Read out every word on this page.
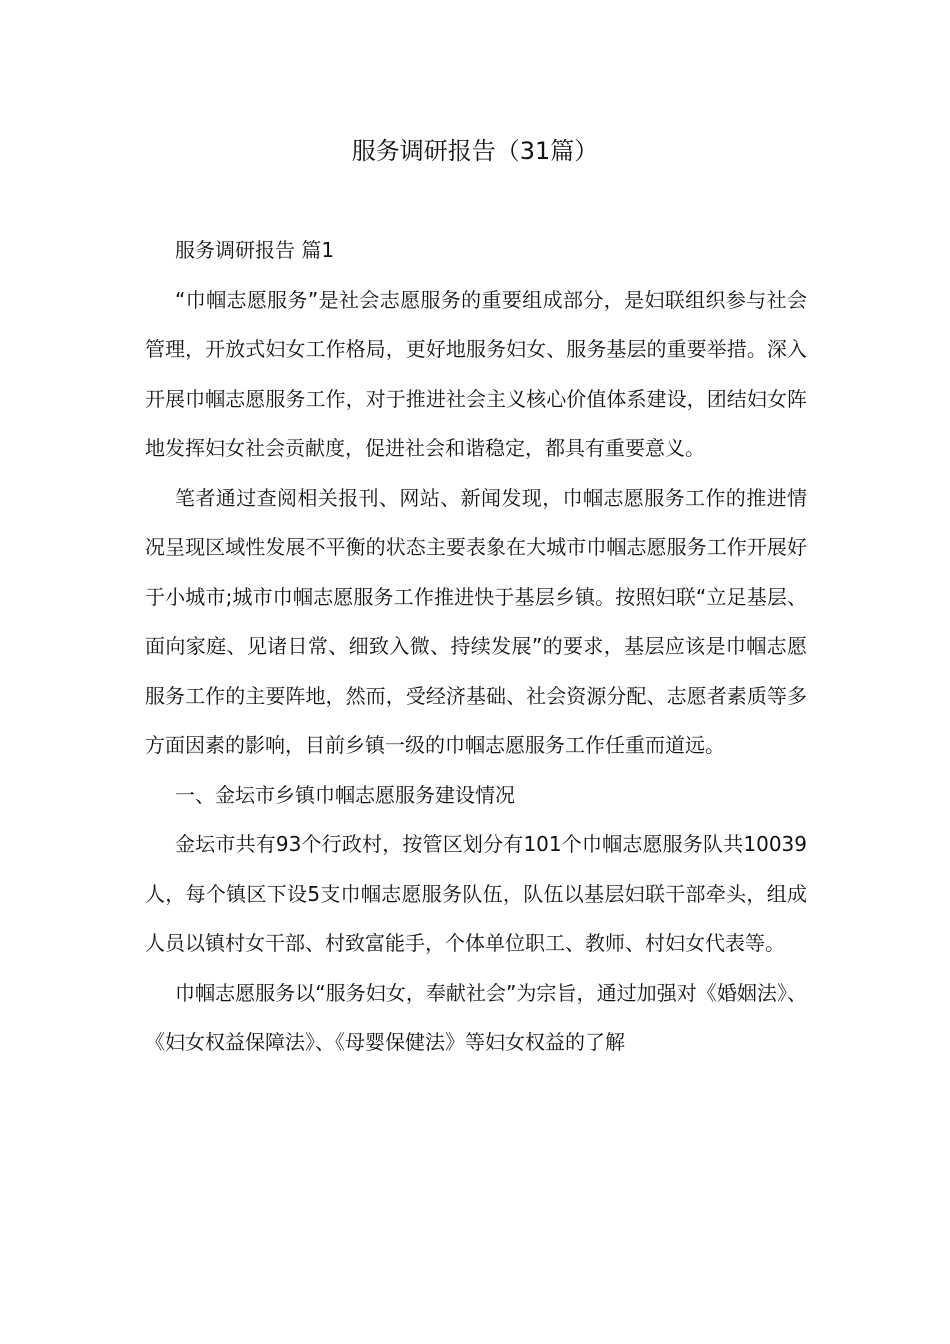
服务调研报告（31篇）

服务调研报告 篇1

“巾帼志愿服务”是社会志愿服务的重要组成部分，是妇联组织参与社会管理，开放式妇女工作格局，更好地服务妇女、服务基层的重要举措。深入开展巾帼志愿服务工作，对于推进社会主义核心价值体系建设，团结妇女阵地发挥妇女社会贡献度，促进社会和谐稳定，都具有重要意义。

笔者通过查阅相关报刊、网站、新闻发现，巾帼志愿服务工作的推进情况呈现区域性发展不平衡的状态主要表象在大城市巾帼志愿服务工作开展好于小城市;城市巾帼志愿服务工作推进快于基层乡镇。按照妇联“立足基层、面向家庭、见诸日常、细致入微、持续发展”的要求，基层应该是巾帼志愿服务工作的主要阵地，然而，受经济基础、社会资源分配、志愿者素质等多方面因素的影响，目前乡镇一级的巾帼志愿服务工作任重而道远。

一、金坛市乡镇巾帼志愿服务建设情况

金坛市共有93个行政村，按管区划分有101个巾帼志愿服务队共10039人，每个镇区下设5支巾帼志愿服务队伍，队伍以基层妇联干部牵头，组成人员以镇村女干部、村致富能手，个体单位职工、教师、村妇女代表等。

巾帼志愿服务以“服务妇女，奉献社会”为宗旨，通过加强对《婚姻法》、《妇女权益保障法》、《母婴保健法》等妇女权益的了解
